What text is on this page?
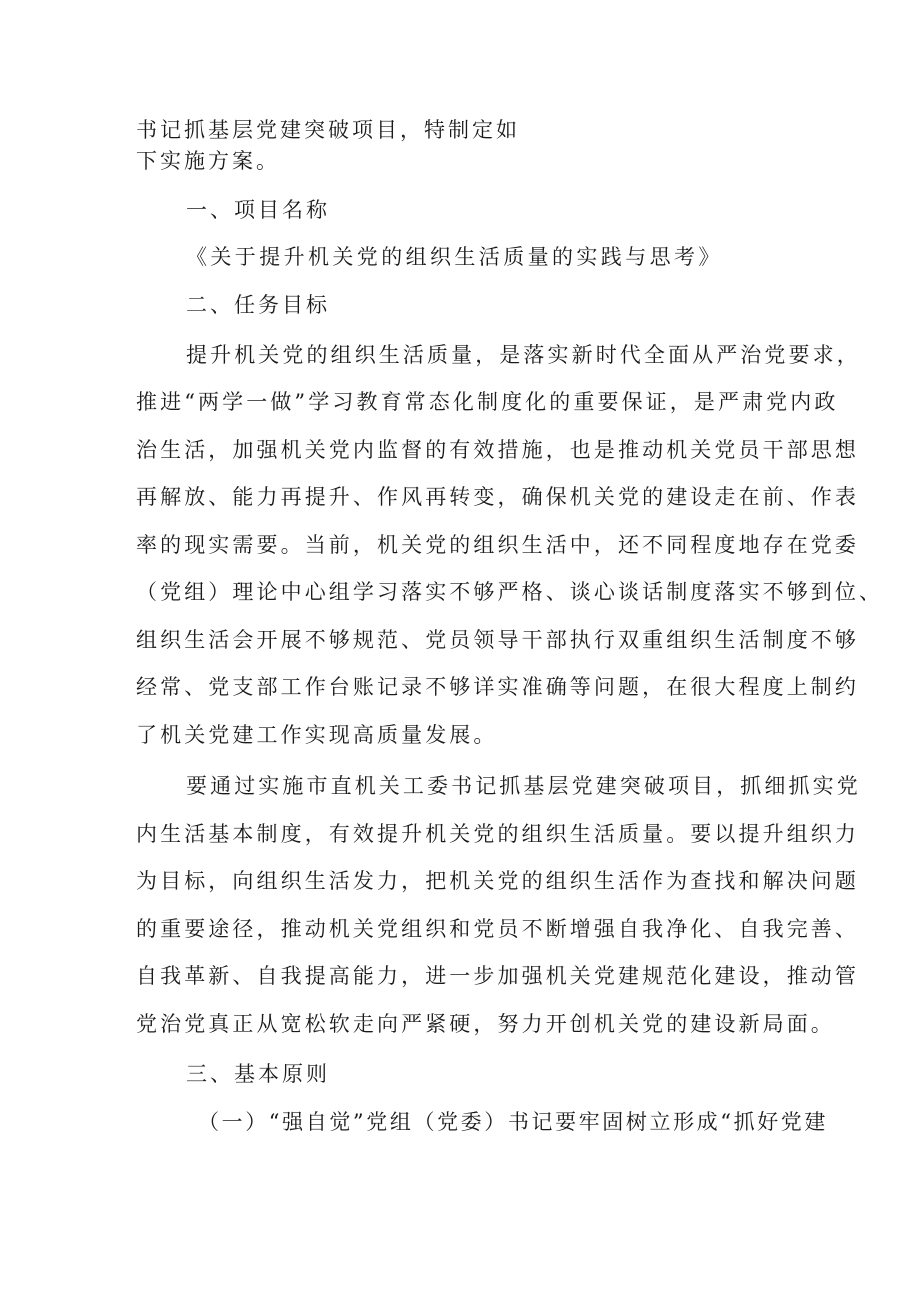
书记抓基层党建突破项目，特制定如
下实施方案。
一、项目名称
《关于提升机关党的组织生活质量的实践与思考》
二、任务目标
提升机关党的组织生活质量，是落实新时代全面从严治党要求，
推进“两学一做”学习教育常态化制度化的重要保证，是严肃党内政
治生活，加强机关党内监督的有效措施，也是推动机关党员干部思想
再解放、能力再提升、作风再转变，确保机关党的建设走在前、作表
率的现实需要。当前，机关党的组织生活中，还不同程度地存在党委
（党组）理论中心组学习落实不够严格、谈心谈话制度落实不够到位、
组织生活会开展不够规范、党员领导干部执行双重组织生活制度不够
经常、党支部工作台账记录不够详实准确等问题，在很大程度上制约
了机关党建工作实现高质量发展。
要通过实施市直机关工委书记抓基层党建突破项目，抓细抓实党
内生活基本制度，有效提升机关党的组织生活质量。要以提升组织力
为目标，向组织生活发力，把机关党的组织生活作为查找和解决问题
的重要途径，推动机关党组织和党员不断增强自我净化、自我完善、
自我革新、自我提高能力，进一步加强机关党建规范化建设，推动管
党治党真正从宽松软走向严紧硬，努力开创机关党的建设新局面。
三、基本原则
（一）“强自觉”党组（党委）书记要牢固树立形成“抓好党建
